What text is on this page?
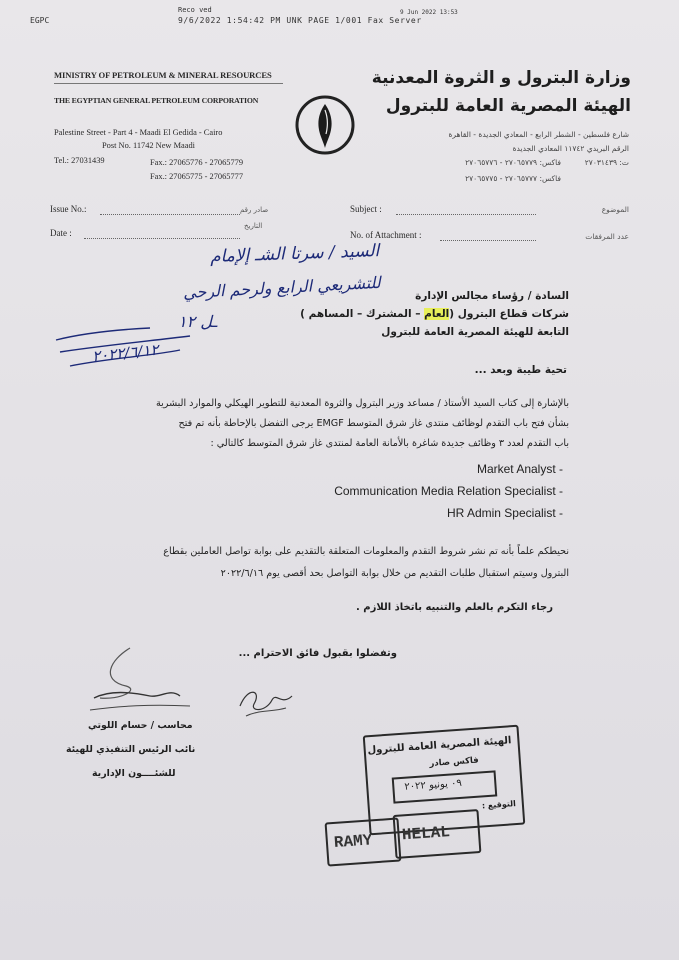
EGPC
Reco ved
9/6/2022 1:54:42 PM UNK PAGE 1/001 Fax Server
9 Jun 2022 13:53
MINISTRY OF PETROLEUM & MINERAL RESOURCES
THE EGYPTIAN GENERAL PETROLEUM CORPORATION
Palestine Street - Part 4 - Maadi El Gedida - Cairo
Post No. 11742 New Maadi
Tel.: 27031439	Fax.: 27065776 - 27065779
Fax.: 27065775 - 27065777
وزارة البترول و الثروة المعدنية
الهيئة المصرية العامة للبترول
شارع فلسطين - الشطر الرابع - المعادي الجديدة - القاهرة
الرقم البريدي ١١٧٤٢ المعادي الجديدة
ت: ٢٧٠٣١٤٣٩
فاكس: ٢٧٠٦٥٧٧٩ - ٢٧٠٦٥٧٧٦
فاكس: ٢٧٠٦٥٧٧٧ - ٢٧٠٦٥٧٧٥
Issue No.:	صادر رقم	Subject :	الموضوع
Date :
التاريخ
No. of Attachment :	عدد المرفقات
السيد / سرتا الشـ إلإمام
للتشريعي الرابع ولرحم الرحي
ـل ١٢
٢٠٢٢/٦/١٢
السادة / رؤساء مجالس الإدارة
شركات قطاع البترول (العام – المشترك – المساهم )
التابعة للهيئة المصرية العامة للبترول
تحية طيبة وبعد ...
بالإشارة إلى كتاب السيد الأستاذ / مساعد وزير البترول والثروة المعدنية للتطوير الهيكلي والموارد البشرية
بشأن فتح باب التقدم لوظائف منتدى غاز شرق المتوسط EMGF يرجى التفضل بالإحاطة بأنه تم فتح
باب التقدم لعدد ٣ وظائف جديدة شاغرة بالأمانة العامة لمنتدى غاز شرق المتوسط كالتالي :
Market Analyst -
Communication Media Relation Specialist -
HR Admin Specialist -
نحيطكم علماً بأنه تم نشر شروط التقدم والمعلومات المتعلقة بالتقديم على بوابة تواصل العاملين بقطاع
البترول وسيتم استقبال طلبات التقديم من خلال بوابة التواصل بحد أقصى يوم ٢٠٢٢/٦/١٦
رجاء التكرم بالعلم والتنبيه باتخاذ اللازم .
وتفضلوا بقبول فائق الاحترام ...
محاسب / حسام اللوتي
نائب الرئيس التنفيذي للهيئة
للشئــــون الإدارية
الهيئة المصرية العامة للبترول
فاكس صادر
٠٩ يونيو ٢٠٢٢
التوقيع :
RAMY HELAL
